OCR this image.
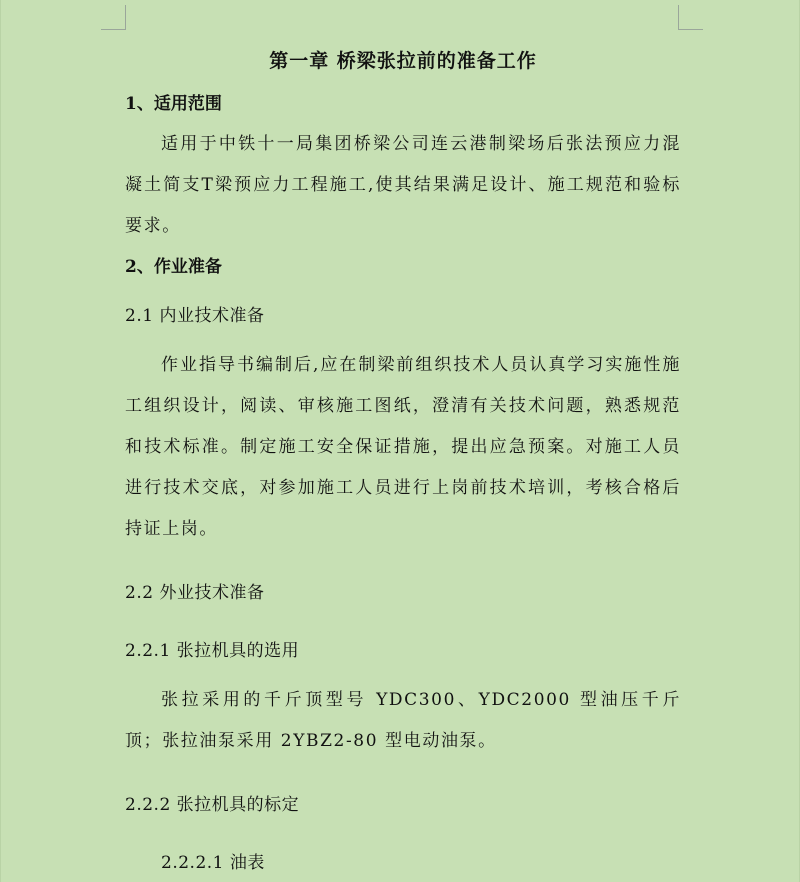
第一章 桥梁张拉前的准备工作

1、适用范围

适用于中铁十一局集团桥梁公司连云港制梁场后张法预应力混凝土简支T梁预应力工程施工,使其结果满足设计、施工规范和验标要求。

2、作业准备

2.1 内业技术准备

作业指导书编制后,应在制梁前组织技术人员认真学习实施性施工组织设计，阅读、审核施工图纸，澄清有关技术问题，熟悉规范和技术标准。制定施工安全保证措施，提出应急预案。对施工人员进行技术交底，对参加施工人员进行上岗前技术培训，考核合格后持证上岗。

2.2 外业技术准备

2.2.1 张拉机具的选用

张拉采用的千斤顶型号 YDC300、YDC2000 型油压千斤顶；张拉油泵采用 2YBZ2-80 型电动油泵。

2.2.2 张拉机具的标定

2.2.2.1 油表
